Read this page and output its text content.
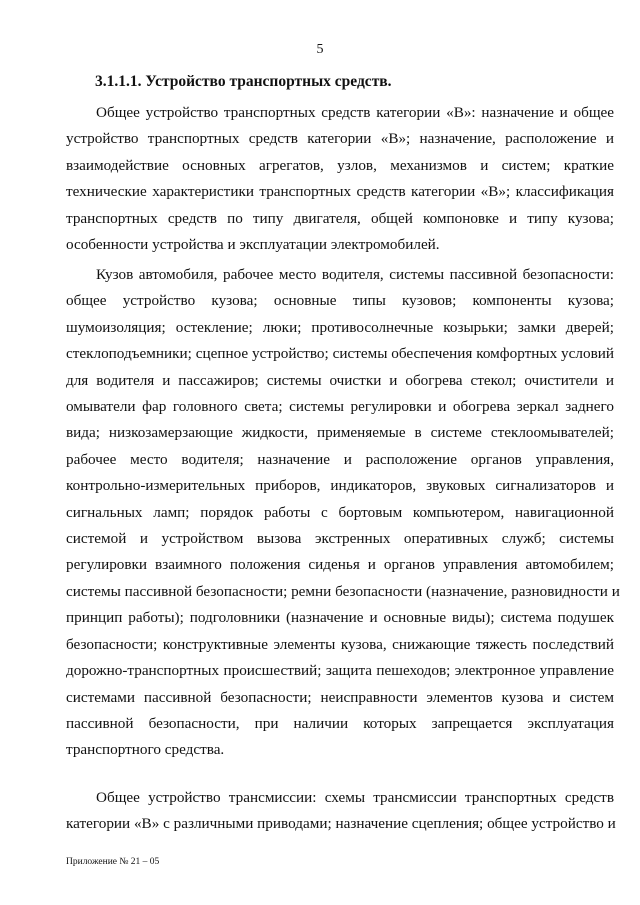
5
3.1.1.1. Устройство транспортных средств.
Общее устройство транспортных средств категории «В»: назначение и общее
устройство транспортных средств категории «В»; назначение, расположение и
взаимодействие основных агрегатов, узлов, механизмов и систем; краткие
технические характеристики транспортных средств категории «В»; классификация
транспортных средств по типу двигателя, общей компоновке и типу кузова;
особенности устройства и эксплуатации электромобилей.
Кузов автомобиля, рабочее место водителя, системы пассивной безопасности:
общее устройство кузова; основные типы кузовов; компоненты кузова;
шумоизоляция; остекление; люки; противосолнечные козырьки; замки дверей;
стеклоподъемники; сцепное устройство; системы обеспечения комфортных условий
для водителя и пассажиров; системы очистки и обогрева стекол; очистители и
омыватели фар головного света; системы регулировки и обогрева зеркал заднего
вида; низкозамерзающие жидкости, применяемые в системе стеклоомывателей;
рабочее место водителя; назначение и расположение органов управления,
контрольно-измерительных приборов, индикаторов, звуковых сигнализаторов и
сигнальных ламп; порядок работы с бортовым компьютером, навигационной
системой и устройством вызова экстренных оперативных служб; системы
регулировки взаимного положения сиденья и органов управления автомобилем;
системы пассивной безопасности; ремни безопасности (назначение, разновидности и
принцип работы); подголовники (назначение и основные виды); система подушек
безопасности; конструктивные элементы кузова, снижающие тяжесть последствий
дорожно-транспортных происшествий; защита пешеходов; электронное управление
системами пассивной безопасности; неисправности элементов кузова и систем
пассивной безопасности, при наличии которых запрещается эксплуатация
транспортного средства.
Общее устройство трансмиссии: схемы трансмиссии транспортных средств
категории «В» с различными приводами; назначение сцепления; общее устройство и
Приложение № 21 – 05
